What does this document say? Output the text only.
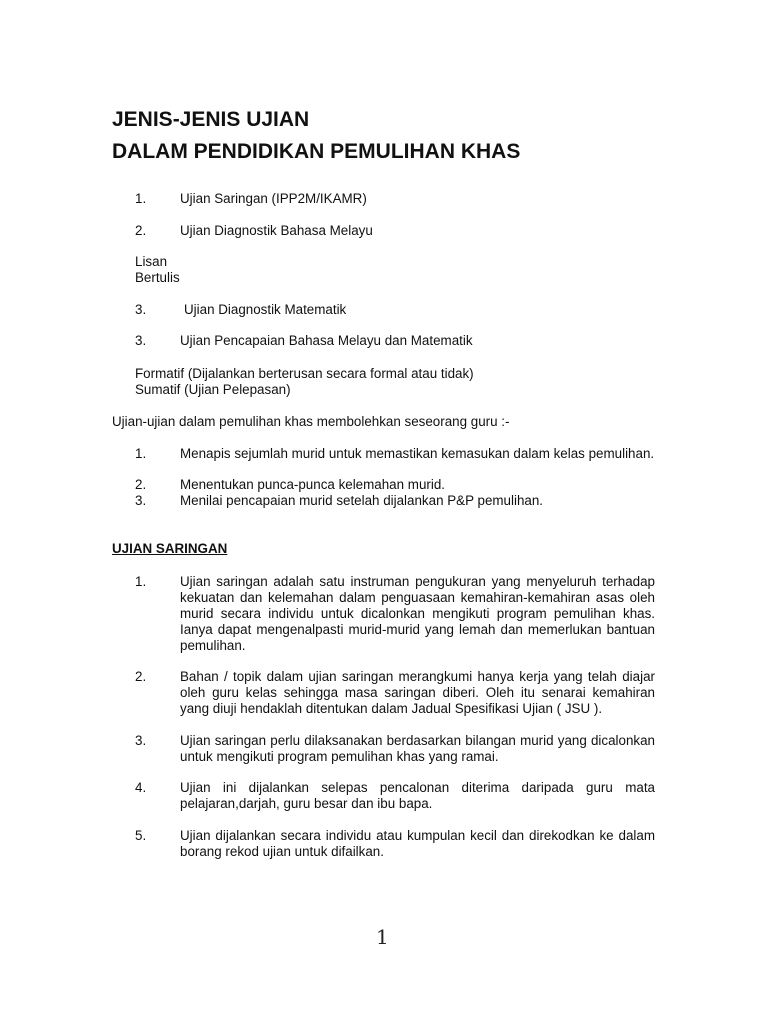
JENIS-JENIS UJIAN
DALAM PENDIDIKAN PEMULIHAN KHAS
1.	Ujian Saringan (IPP2M/IKAMR)
2.	Ujian Diagnostik Bahasa Melayu
Lisan
Bertulis
3.	Ujian Diagnostik Matematik
3.	Ujian Pencapaian Bahasa Melayu dan Matematik
Formatif (Dijalankan berterusan secara formal atau tidak)
Sumatif (Ujian Pelepasan)
Ujian-ujian dalam pemulihan khas membolehkan seseorang guru :-
1.	Menapis sejumlah murid untuk memastikan kemasukan dalam kelas pemulihan.
2.	Menentukan punca-punca kelemahan murid.
3.	Menilai pencapaian murid setelah dijalankan P&P pemulihan.
UJIAN SARINGAN
1.	Ujian saringan adalah satu instruman pengukuran yang menyeluruh terhadap kekuatan dan kelemahan dalam penguasaan kemahiran-kemahiran asas oleh murid secara individu untuk dicalonkan mengikuti program pemulihan khas. Ianya dapat mengenalpasti murid-murid yang lemah dan memerlukan bantuan pemulihan.
2.	Bahan / topik dalam ujian saringan merangkumi hanya kerja yang telah diajar oleh guru kelas sehingga masa saringan diberi. Oleh itu senarai kemahiran yang diuji hendaklah ditentukan dalam Jadual Spesifikasi Ujian ( JSU ).
3.	Ujian saringan perlu dilaksanakan berdasarkan bilangan murid yang dicalonkan untuk mengikuti program pemulihan khas yang ramai.
4.	Ujian ini dijalankan selepas pencalonan diterima daripada guru mata pelajaran,darjah, guru besar dan ibu bapa.
5.	Ujian dijalankan secara individu atau kumpulan kecil dan direkodkan ke dalam borang rekod ujian untuk difailkan.
1
